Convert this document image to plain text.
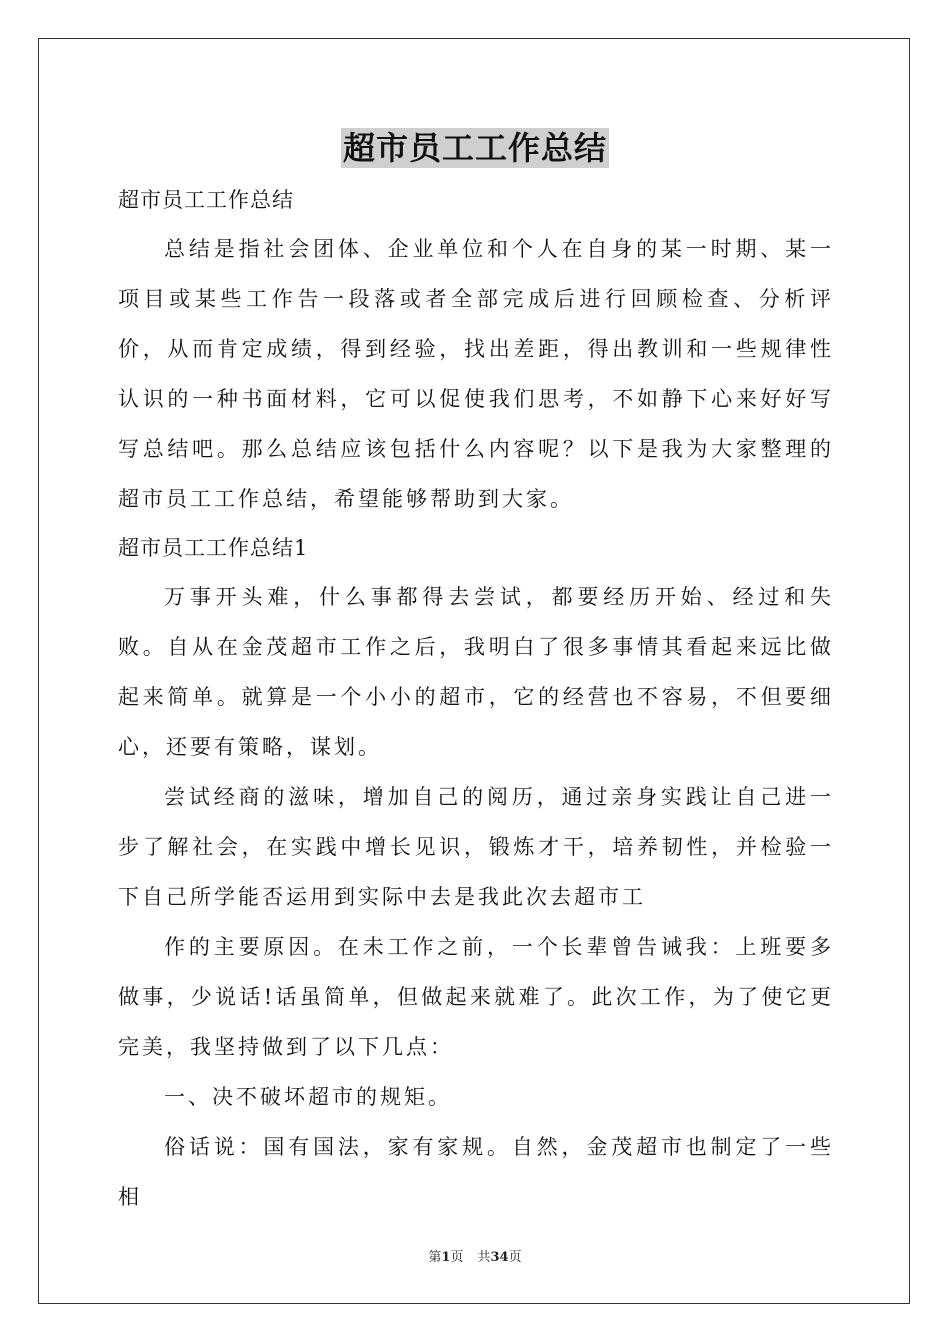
超市员工工作总结

超市员工工作总结

总结是指社会团体、企业单位和个人在自身的某一时期、某一项目或某些工作告一段落或者全部完成后进行回顾检查、分析评价，从而肯定成绩，得到经验，找出差距，得出教训和一些规律性认识的一种书面材料，它可以促使我们思考，不如静下心来好好写写总结吧。那么总结应该包括什么内容呢？以下是我为大家整理的超市员工工作总结，希望能够帮助到大家。

超市员工工作总结1

万事开头难，什么事都得去尝试，都要经历开始、经过和失败。自从在金茂超市工作之后，我明白了很多事情其看起来远比做起来简单。就算是一个小小的超市，它的经营也不容易，不但要细心，还要有策略，谋划。

尝试经商的滋味，增加自己的阅历，通过亲身实践让自己进一步了解社会，在实践中增长见识，锻炼才干，培养韧性，并检验一下自己所学能否运用到实际中去是我此次去超市工

作的主要原因。在未工作之前，一个长辈曾告诫我：上班要多做事，少说话!话虽简单，但做起来就难了。此次工作，为了使它更完美，我坚持做到了以下几点：

一、决不破坏超市的规矩。

俗话说：国有国法，家有家规。自然，金茂超市也制定了一些相

第1页 共34页
